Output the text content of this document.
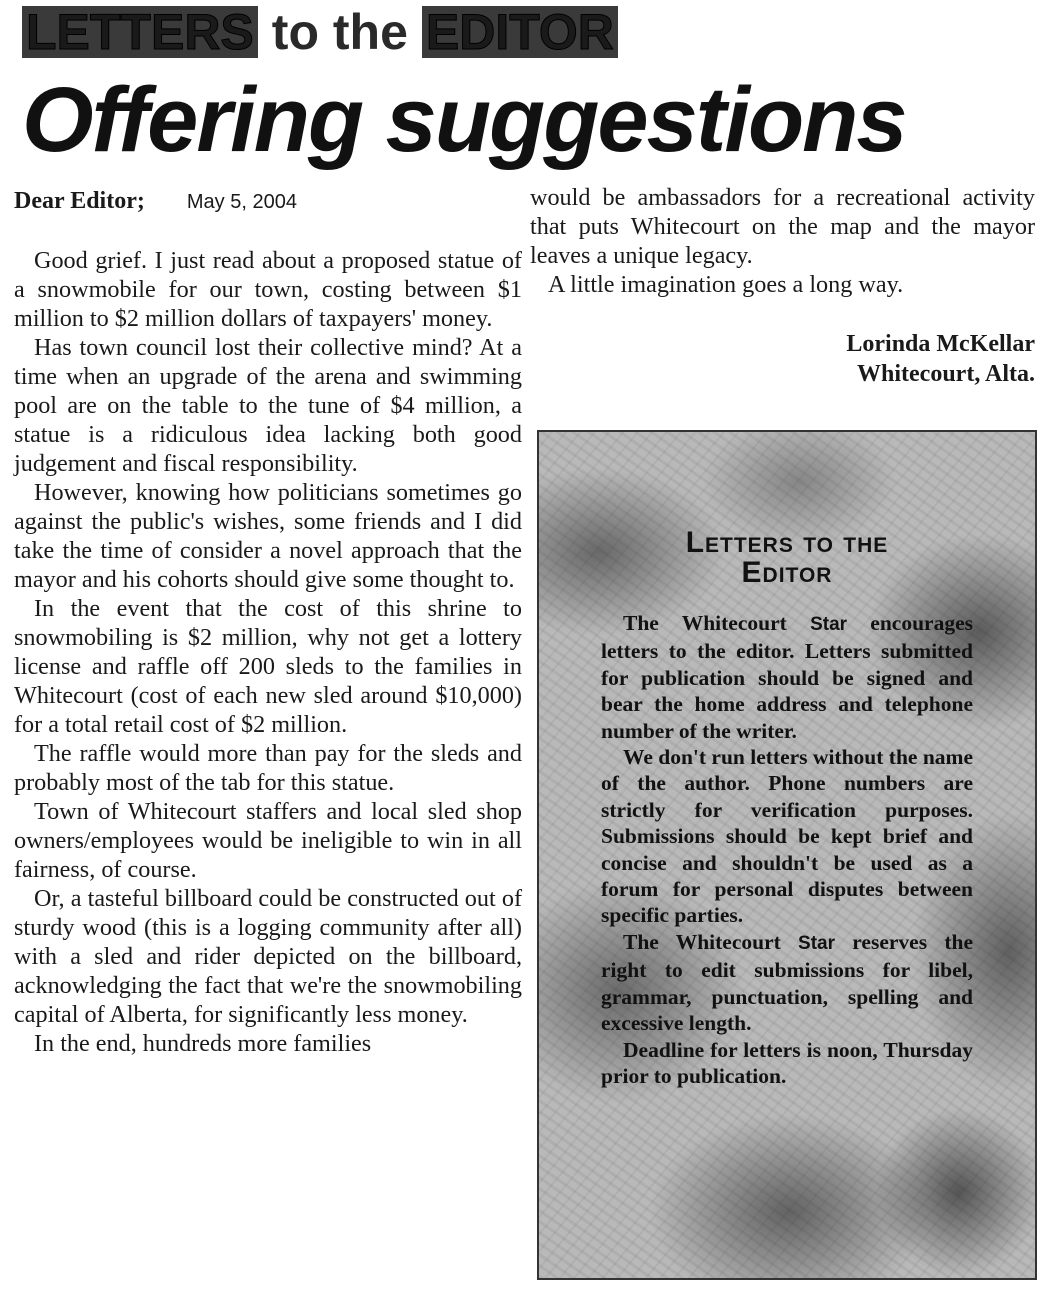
LETTERS to the EDITOR
Offering suggestions
Dear Editor; May 5, 2004

Good grief. I just read about a proposed statue of a snowmobile for our town, costing between $1 million to $2 million dollars of taxpayers' money.

Has town council lost their collective mind? At a time when an upgrade of the arena and swimming pool are on the table to the tune of $4 million, a statue is a ridiculous idea lacking both good judgement and fiscal responsibility.

However, knowing how politicians sometimes go against the public's wishes, some friends and I did take the time of consider a novel approach that the mayor and his cohorts should give some thought to.

In the event that the cost of this shrine to snowmobiling is $2 million, why not get a lottery license and raffle off 200 sleds to the families in Whitecourt (cost of each new sled around $10,000) for a total retail cost of $2 million.

The raffle would more than pay for the sleds and probably most of the tab for this statue.

Town of Whitecourt staffers and local sled shop owners/employees would be ineligible to win in all fairness, of course.

Or, a tasteful billboard could be constructed out of sturdy wood (this is a logging community after all) with a sled and rider depicted on the billboard, acknowledging the fact that we're the snowmobiling capital of Alberta, for significantly less money.

In the end, hundreds more families

would be ambassadors for a recreational activity that puts Whitecourt on the map and the mayor leaves a unique legacy.

A little imagination goes a long way.

Lorinda McKellar
Whitecourt, Alta.
Letters to the
Editor

The Whitecourt Star encourages letters to the editor. Letters submitted for publication should be signed and bear the home address and telephone number of the writer.

We don't run letters without the name of the author. Phone numbers are strictly for verification purposes. Submissions should be kept brief and concise and shouldn't be used as a forum for personal disputes between specific parties.

The Whitecourt Star reserves the right to edit submissions for libel, grammar, punctuation, spelling and excessive length.

Deadline for letters is noon, Thursday prior to publication.
